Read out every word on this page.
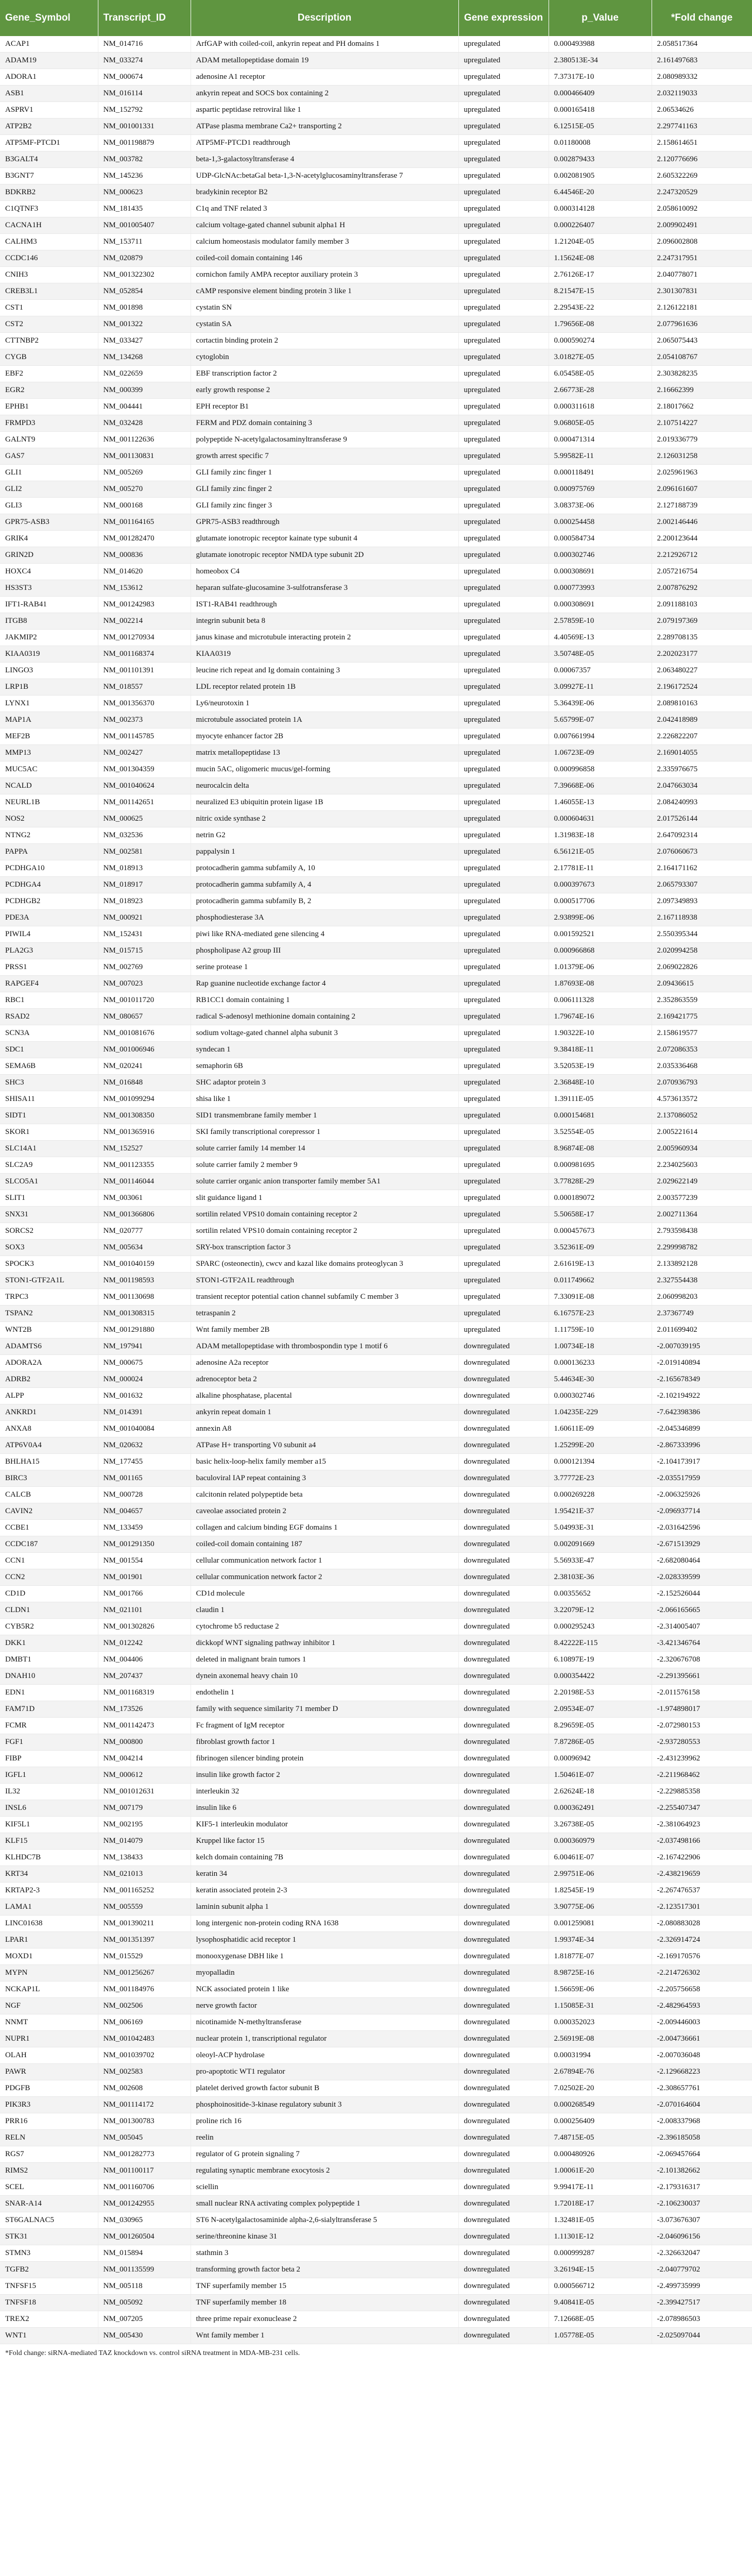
Gene_Symbol	Transcript_ID	Description	Gene expression	p_Value	*Fold change
ACAP1	NM_014716	ArfGAP with coiled-coil, ankyrin repeat and PH domains 1	upregulated	0.000493988	2.058517364
ADAM19	NM_033274	ADAM metallopeptidase domain 19	upregulated	2.380513E-34	2.161497683
ADORA1	NM_000674	adenosine A1 receptor	upregulated	7.37317E-10	2.080989332
ASB1	NM_016114	ankyrin repeat and SOCS box containing 2	upregulated	0.000466409	2.032119033
ASPRV1	NM_152792	aspartic peptidase retroviral like 1	upregulated	0.000165418	2.06534626
ATP2B2	NM_001001331	ATPase plasma membrane Ca2+ transporting 2	upregulated	6.12515E-05	2.297741163
ATP5MF-PTCD1	NM_001198879	ATP5MF-PTCD1 readthrough	upregulated	0.01180008	2.158614651
B3GALT4	NM_003782	beta-1,3-galactosyltransferase 4	upregulated	0.002879433	2.120776696
B3GNT7	NM_145236	UDP-GlcNAc:betaGal beta-1,3-N-acetylglucosaminyltransferase 7	upregulated	0.002081905	2.605322269
BDKRB2	NM_000623	bradykinin receptor B2	upregulated	6.44546E-20	2.247320529
C1QTNF3	NM_181435	C1q and TNF related 3	upregulated	0.000314128	2.058610092
CACNA1H	NM_001005407	calcium voltage-gated channel subunit alpha1 H	upregulated	0.000226407	2.009902491
CALHM3	NM_153711	calcium homeostasis modulator family member 3	upregulated	1.21204E-05	2.096002808
CCDC146	NM_020879	coiled-coil domain containing 146	upregulated	1.15624E-08	2.247317951
CNIH3	NM_001322302	cornichon family AMPA receptor auxiliary protein 3	upregulated	2.76126E-17	2.040778071
CREB3L1	NM_052854	cAMP responsive element binding protein 3 like 1	upregulated	8.21547E-15	2.301307831
CST1	NM_001898	cystatin SN	upregulated	2.29543E-22	2.126122181
CST2	NM_001322	cystatin SA	upregulated	1.79656E-08	2.077961636
CTTNBP2	NM_033427	cortactin binding protein 2	upregulated	0.000590274	2.065075443
CYGB	NM_134268	cytoglobin	upregulated	3.01827E-05	2.054108767
EBF2	NM_022659	EBF transcription factor 2	upregulated	6.05458E-05	2.303828235
EGR2	NM_000399	early growth response 2	upregulated	2.66773E-28	2.16662399
EPHB1	NM_004441	EPH receptor B1	upregulated	0.000311618	2.18017662
FRMPD3	NM_032428	FERM and PDZ domain containing 3	upregulated	9.06805E-05	2.107514227
GALNT9	NM_001122636	polypeptide N-acetylgalactosaminyltransferase 9	upregulated	0.000471314	2.019336779
GAS7	NM_001130831	growth arrest specific 7	upregulated	5.99582E-11	2.126031258
GLI1	NM_005269	GLI family zinc finger 1	upregulated	0.000118491	2.025961963
GLI2	NM_005270	GLI family zinc finger 2	upregulated	0.000975769	2.096161607
GLI3	NM_000168	GLI family zinc finger 3	upregulated	3.08373E-06	2.127188739
GPR75-ASB3	NM_001164165	GPR75-ASB3 readthrough	upregulated	0.000254458	2.002146446
GRIK4	NM_001282470	glutamate ionotropic receptor kainate type subunit 4	upregulated	0.000584734	2.200123644
GRIN2D	NM_000836	glutamate ionotropic receptor NMDA type subunit 2D	upregulated	0.000302746	2.212926712
HOXC4	NM_014620	homeobox C4	upregulated	0.000308691	2.057216754
HS3ST3	NM_153612	heparan sulfate-glucosamine 3-sulfotransferase 3	upregulated	0.000773993	2.007876292
IFT1-RAB41	NM_001242983	IST1-RAB41 readthrough	upregulated	0.000308691	2.091188103
ITGB8	NM_002214	integrin subunit beta 8	upregulated	2.57859E-10	2.079197369
JAKMIP2	NM_001270934	janus kinase and microtubule interacting protein 2	upregulated	4.40569E-13	2.289708135
KIAA0319	NM_001168374	KIAA0319	upregulated	3.50748E-05	2.202023177
LINGO3	NM_001101391	leucine rich repeat and Ig domain containing 3	upregulated	0.00067357	2.063480227
LRP1B	NM_018557	LDL receptor related protein 1B	upregulated	3.09927E-11	2.196172524
LYNX1	NM_001356370	Ly6/neurotoxin 1	upregulated	5.36439E-06	2.089810163
MAP1A	NM_002373	microtubule associated protein 1A	upregulated	5.65799E-07	2.042418989
MEF2B	NM_001145785	myocyte enhancer factor 2B	upregulated	0.007661994	2.226822207
MMP13	NM_002427	matrix metallopeptidase 13	upregulated	1.06723E-09	2.169014055
MUC5AC	NM_001304359	mucin 5AC, oligomeric mucus/gel-forming	upregulated	0.000996858	2.335976675
NCALD	NM_001040624	neurocalcin delta	upregulated	7.39668E-06	2.047663034
NEURL1B	NM_001142651	neuralized E3 ubiquitin protein ligase 1B	upregulated	1.46055E-13	2.084240993
NOS2	NM_000625	nitric oxide synthase 2	upregulated	0.000604631	2.017526144
NTNG2	NM_032536	netrin G2	upregulated	1.31983E-18	2.647092314
PAPPA	NM_002581	pappalysin 1	upregulated	6.56121E-05	2.076060673
PCDHGA10	NM_018913	protocadherin gamma subfamily A, 10	upregulated	2.17781E-11	2.164171162
PCDHGA4	NM_018917	protocadherin gamma subfamily A, 4	upregulated	0.000397673	2.065793307
PCDHGB2	NM_018923	protocadherin gamma subfamily B, 2	upregulated	0.000517706	2.097349893
PDE3A	NM_000921	phosphodiesterase 3A	upregulated	2.93899E-06	2.167118938
PIWIL4	NM_152431	piwi like RNA-mediated gene silencing 4	upregulated	0.001592521	2.550395344
PLA2G3	NM_015715	phospholipase A2 group III	upregulated	0.000966868	2.020994258
PRSS1	NM_002769	serine protease 1	upregulated	1.01379E-06	2.069022826
RAPGEF4	NM_007023	Rap guanine nucleotide exchange factor 4	upregulated	1.87693E-08	2.09436615
RBC1	NM_001011720	RB1CC1 domain containing 1	upregulated	0.006111328	2.352863559
RSAD2	NM_080657	radical S-adenosyl methionine domain containing 2	upregulated	1.79674E-16	2.169421775
SCN3A	NM_001081676	sodium voltage-gated channel alpha subunit 3	upregulated	1.90322E-10	2.158619577
SDC1	NM_001006946	syndecan 1	upregulated	9.38418E-11	2.072086353
SEMA6B	NM_020241	semaphorin 6B	upregulated	3.52053E-19	2.035336468
SHC3	NM_016848	SHC adaptor protein 3	upregulated	2.36848E-10	2.070936793
SHISA11	NM_001099294	shisa like 1	upregulated	1.39111E-05	4.573613572
SIDT1	NM_001308350	SID1 transmembrane family member 1	upregulated	0.000154681	2.137086052
SKOR1	NM_001365916	SKI family transcriptional corepressor 1	upregulated	3.52554E-05	2.005221614
SLC14A1	NM_152527	solute carrier family 14 member 14	upregulated	8.96874E-08	2.005960934
SLC2A9	NM_001123355	solute carrier family 2 member 9	upregulated	0.000981695	2.234025603
SLCO5A1	NM_001146044	solute carrier organic anion transporter family member 5A1	upregulated	3.77828E-29	2.029622149
SLIT1	NM_003061	slit guidance ligand 1	upregulated	0.000189072	2.003577239
SNX31	NM_001366806	sortilin related VPS10 domain containing receptor 2	upregulated	5.50658E-17	2.002711364
SORCS2	NM_020777	sortilin related VPS10 domain containing receptor 2	upregulated	0.000457673	2.793598438
SOX3	NM_005634	SRY-box transcription factor 3	upregulated	3.52361E-09	2.299998782
SPOCK3	NM_001040159	SPARC (osteonectin), cwcv and kazal like domains proteoglycan 3	upregulated	2.61619E-13	2.133892128
STON1-GTF2A1L	NM_001198593	STON1-GTF2A1L readthrough	upregulated	0.011749662	2.327554438
TRPC3	NM_001130698	transient receptor potential cation channel subfamily C member 3	upregulated	7.33091E-08	2.060998203
TSPAN2	NM_001308315	tetraspanin 2	upregulated	6.16757E-23	2.37367749
WNT2B	NM_001291880	Wnt family member 2B	upregulated	1.11759E-10	2.011699402
ADAMTS6	NM_197941	ADAM metallopeptidase with thrombospondin type 1 motif 6	downregulated	1.00734E-18	-2.007039195
ADORA2A	NM_000675	adenosine A2a receptor	downregulated	0.000136233	-2.019140894
ADRB2	NM_000024	adrenoceptor beta 2	downregulated	5.44634E-30	-2.165678349
ALPP	NM_001632	alkaline phosphatase, placental	downregulated	0.000302746	-2.102194922
ANKRD1	NM_014391	ankyrin repeat domain 1	downregulated	1.04235E-229	-7.642398386
ANXA8	NM_001040084	annexin A8	downregulated	1.60611E-09	-2.045346899
ATP6V0A4	NM_020632	ATPase H+ transporting V0 subunit a4	downregulated	1.25299E-20	-2.867333996
BHLHA15	NM_177455	basic helix-loop-helix family member a15	downregulated	0.000121394	-2.104173917
BIRC3	NM_001165	baculoviral IAP repeat containing 3	downregulated	3.77772E-23	-2.035517959
CALCB	NM_000728	calcitonin related polypeptide beta	downregulated	0.000269228	-2.006325926
CAVIN2	NM_004657	caveolae associated protein 2	downregulated	1.95421E-37	-2.096937714
CCBE1	NM_133459	collagen and calcium binding EGF domains 1	downregulated	5.04993E-31	-2.031642596
CCDC187	NM_001291350	coiled-coil domain containing 187	downregulated	0.002091669	-2.671513929
CCN1	NM_001554	cellular communication network factor 1	downregulated	5.56933E-47	-2.682080464
CCN2	NM_001901	cellular communication network factor 2	downregulated	2.38103E-36	-2.028339599
CD1D	NM_001766	CD1d molecule	downregulated	0.00355652	-2.152526044
CLDN1	NM_021101	claudin 1	downregulated	3.22079E-12	-2.066165665
CYB5R2	NM_001302826	cytochrome b5 reductase 2	downregulated	0.000295243	-2.314005407
DKK1	NM_012242	dickkopf WNT signaling pathway inhibitor 1	downregulated	8.42222E-115	-3.421346764
DMBT1	NM_004406	deleted in malignant brain tumors 1	downregulated	6.10897E-19	-2.320676708
DNAH10	NM_207437	dynein axonemal heavy chain 10	downregulated	0.000354422	-2.291395661
EDN1	NM_001168319	endothelin 1	downregulated	2.20198E-53	-2.011576158
FAM71D	NM_173526	family with sequence similarity 71 member D	downregulated	2.09534E-07	-1.974898017
FCMR	NM_001142473	Fc fragment of IgM receptor	downregulated	8.29659E-05	-2.072980153
FGF1	NM_000800	fibroblast growth factor 1	downregulated	7.87286E-05	-2.937280553
FIBP	NM_004214	fibrinogen silencer binding protein	downregulated	0.00096942	-2.431239962
IGFL1	NM_000612	insulin like growth factor 2	downregulated	1.50461E-07	-2.211968462
IL32	NM_001012631	interleukin 32	downregulated	2.62624E-18	-2.229885358
INSL6	NM_007179	insulin like 6	downregulated	0.000362491	-2.255407347
KIF5L1	NM_002195	KIF5-1 interleukin modulator	downregulated	3.26738E-05	-2.381064923
KLF15	NM_014079	Kruppel like factor 15	downregulated	0.000360979	-2.037498166
KLHDC7B	NM_138433	kelch domain containing 7B	downregulated	6.00461E-07	-2.167422906
KRT34	NM_021013	keratin 34	downregulated	2.99751E-06	-2.438219659
KRTAP2-3	NM_001165252	keratin associated protein 2-3	downregulated	1.82545E-19	-2.267476537
LAMA1	NM_005559	laminin subunit alpha 1	downregulated	3.90775E-06	-2.123517301
LINC01638	NM_001390211	long intergenic non-protein coding RNA 1638	downregulated	0.001259081	-2.080883028
LPAR1	NM_001351397	lysophosphatidic acid receptor 1	downregulated	1.99374E-34	-2.326914724
MOXD1	NM_015529	monooxygenase DBH like 1	downregulated	1.81877E-07	-2.169170576
MYPN	NM_001256267	myopalladin	downregulated	8.98725E-16	-2.214726302
NCKAP1L	NM_001184976	NCK associated protein 1 like	downregulated	1.56659E-06	-2.205756658
NGF	NM_002506	nerve growth factor	downregulated	1.15085E-31	-2.482964593
NNMT	NM_006169	nicotinamide N-methyltransferase	downregulated	0.000352023	-2.009446003
NUPR1	NM_001042483	nuclear protein 1, transcriptional regulator	downregulated	2.56919E-08	-2.004736661
OLAH	NM_001039702	oleoyl-ACP hydrolase	downregulated	0.00031994	-2.007036048
PAWR	NM_002583	pro-apoptotic WT1 regulator	downregulated	2.67894E-76	-2.129668223
PDGFB	NM_002608	platelet derived growth factor subunit B	downregulated	7.02502E-20	-2.308657761
PIK3R3	NM_001114172	phosphoinositide-3-kinase regulatory subunit 3	downregulated	0.000268549	-2.070164604
PRR16	NM_001300783	proline rich 16	downregulated	0.000256409	-2.008337968
RELN	NM_005045	reelin	downregulated	7.48715E-05	-2.396185058
RGS7	NM_001282773	regulator of G protein signaling 7	downregulated	0.000480926	-2.069457664
RIMS2	NM_001100117	regulating synaptic membrane exocytosis 2	downregulated	1.00061E-20	-2.101382662
SCEL	NM_001160706	sciellin	downregulated	9.99417E-11	-2.179316317
SNAR-A14	NM_001242955	small nuclear RNA activating complex polypeptide 1	downregulated	1.72018E-17	-2.106230037
ST6GALNAC5	NM_030965	ST6 N-acetylgalactosaminide alpha-2,6-sialyltransferase 5	downregulated	1.32481E-05	-3.073676307
STK31	NM_001260504	serine/threonine kinase 31	downregulated	1.11301E-12	-2.046096156
STMN3	NM_015894	stathmin 3	downregulated	0.000999287	-2.326632047
TGFB2	NM_001135599	transforming growth factor beta 2	downregulated	3.26194E-15	-2.040779702
TNFSF15	NM_005118	TNF superfamily member 15	downregulated	0.000566712	-2.499735999
TNFSF18	NM_005092	TNF superfamily member 18	downregulated	9.40841E-05	-2.399427517
TREX2	NM_007205	three prime repair exonuclease 2	downregulated	7.12668E-05	-2.078986503
WNT1	NM_005430	Wnt family member 1	downregulated	1.05778E-05	-2.025097044
*Fold change: siRNA-mediated TAZ knockdown vs. control siRNA treatment in MDA-MB-231 cells.
